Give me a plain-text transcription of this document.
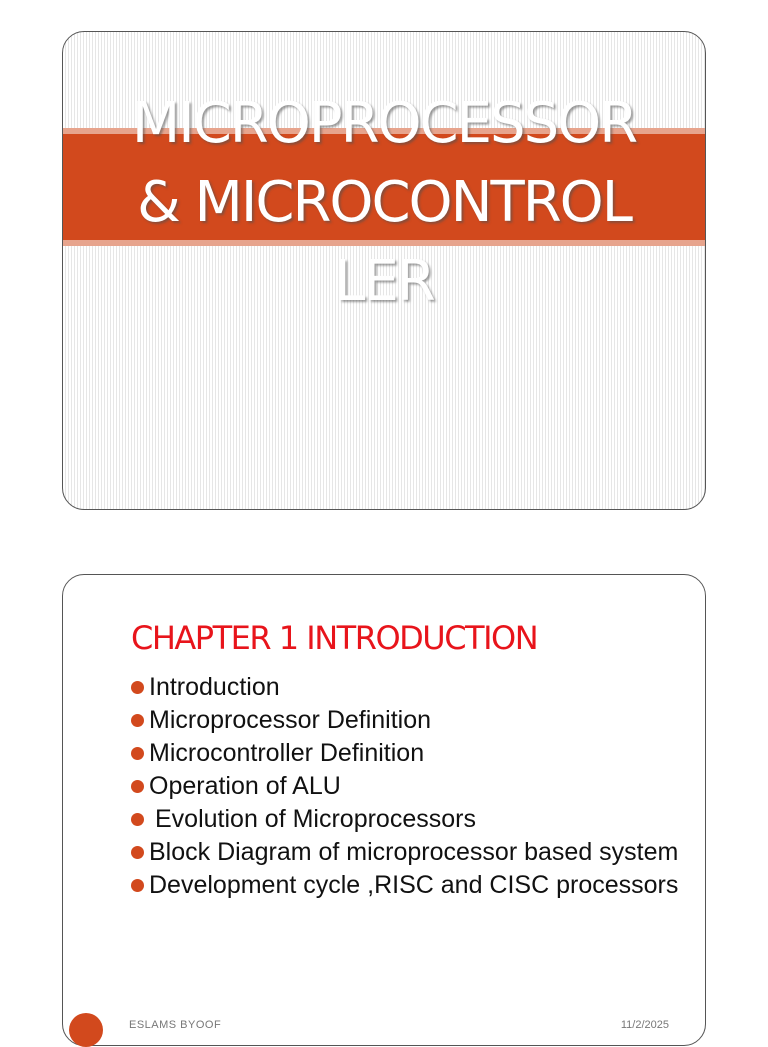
MICROPROCESSOR
& MICROCONTROL
LER
CHAPTER 1 INTRODUCTION
Introduction
Microprocessor Definition
Microcontroller Definition
Operation of ALU
Evolution of Microprocessors
Block Diagram of microprocessor based system
Development cycle ,RISC and CISC processors
ESLAMS BYOOF	11/2/2025
